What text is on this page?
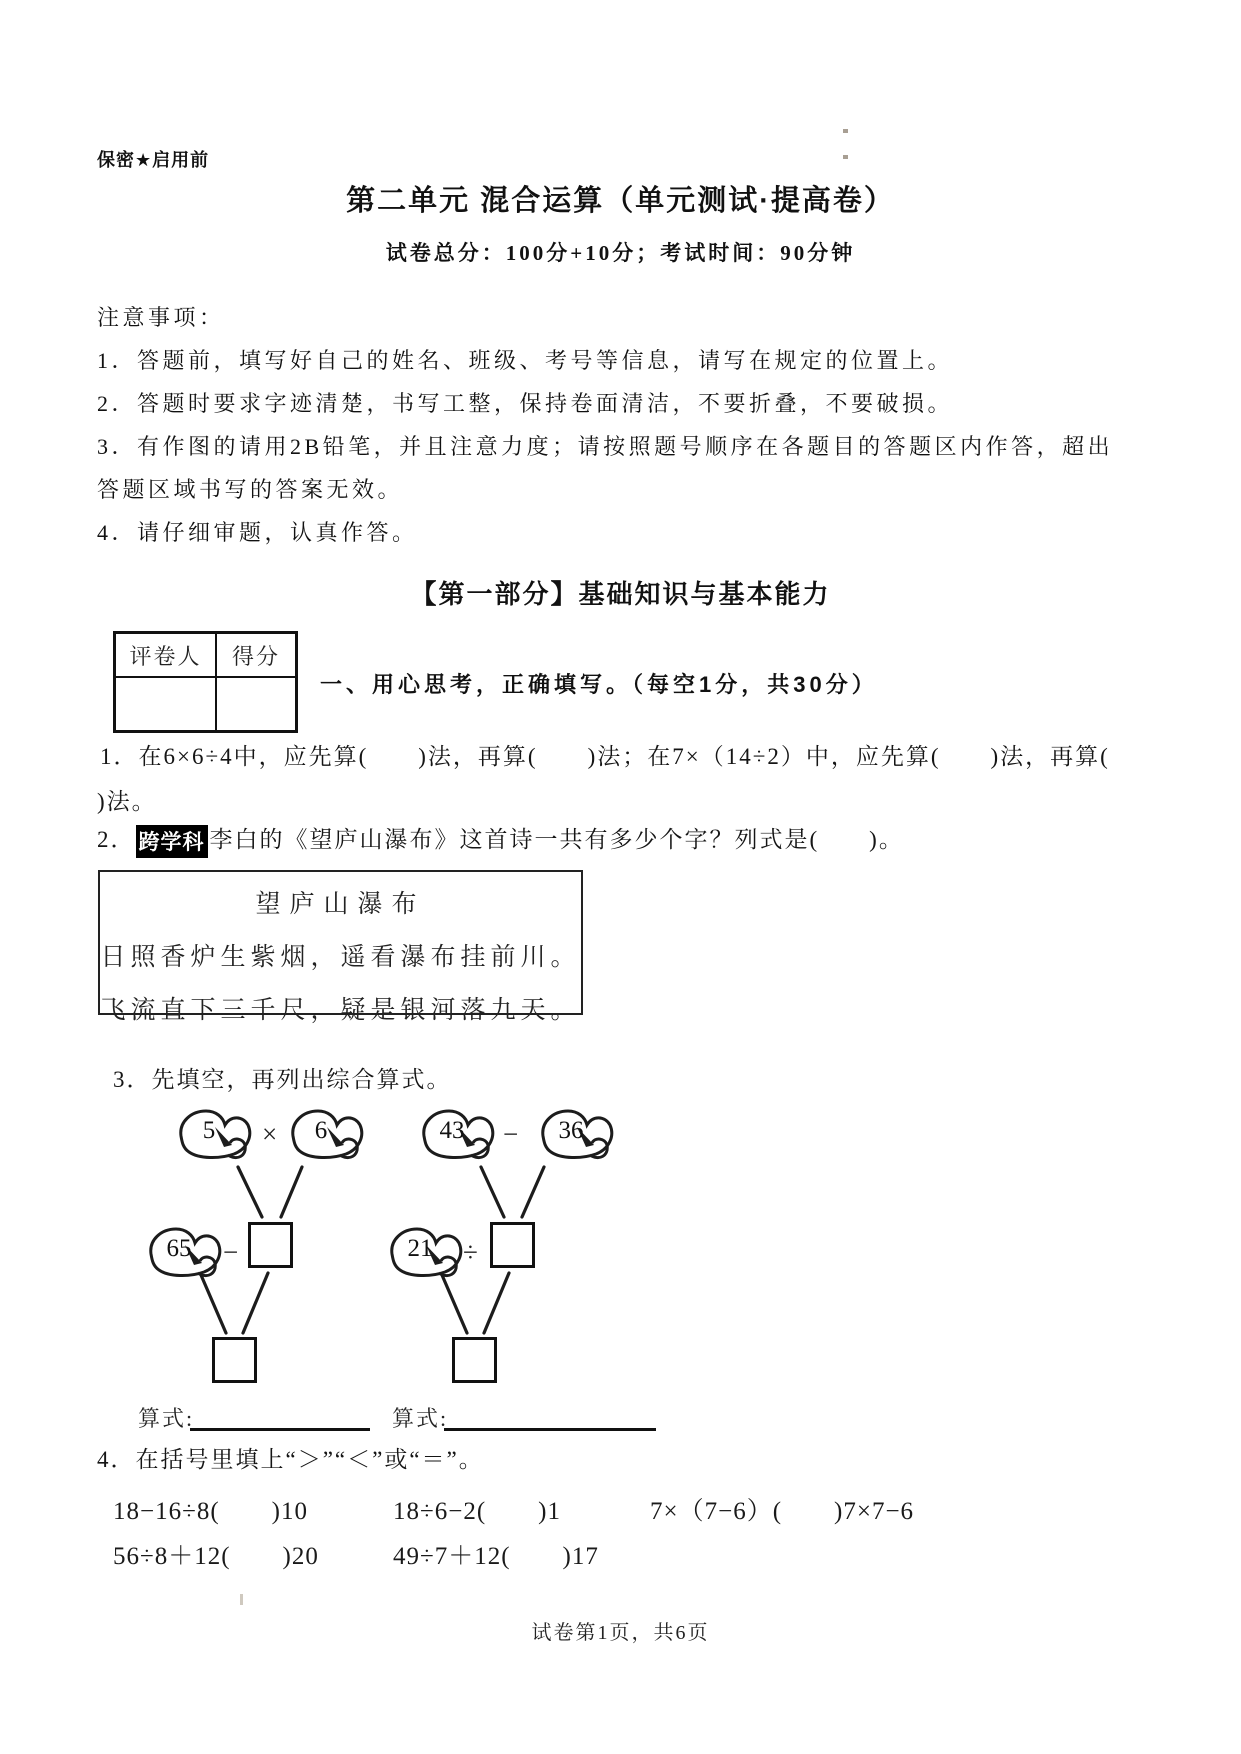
保密★启用前
第二单元 混合运算（单元测试·提高卷）
试卷总分：100分+10分；考试时间：90分钟
注意事项：
1．答题前，填写好自己的姓名、班级、考号等信息，请写在规定的位置上。
2．答题时要求字迹清楚，书写工整，保持卷面清洁，不要折叠，不要破损。
3．有作图的请用2B铅笔，并且注意力度；请按照题号顺序在各题目的答题区内作答，超出
答题区域书写的答案无效。
4．请仔细审题，认真作答。
【第一部分】基础知识与基本能力
评卷人	得分
一、用心思考，正确填写。（每空1分，共30分）
1．在6×6÷4中，应先算(　　)法，再算(　　)法；在7×（14÷2）中，应先算(　　)法，再算(
)法。
2． 跨学科 李白的《望庐山瀑布》这首诗一共有多少个字？列式是(　　)。
望庐山瀑布
日照香炉生紫烟，遥看瀑布挂前川。
飞流直下三千尺，疑是银河落九天。
3．先填空，再列出综合算式。
5	×	6	43	−	36
65	−	21	÷
算式:	算式:
4．在括号里填上“＞”“＜”或“＝”。
18−16÷8(　　)10	18÷6−2(　　)1	7×（7−6）(　　)7×7−6
56÷8＋12(　　)20	49÷7＋12(　　)17
试卷第1页，共6页
